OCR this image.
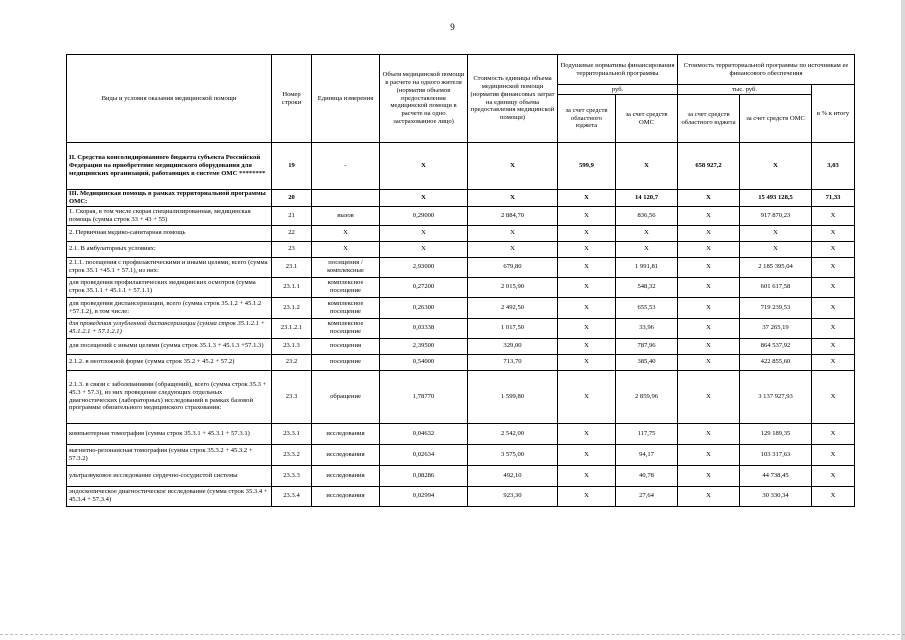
9
Виды и условия оказания медицинской помощи	Номер строки	Единица измерения	Объем медицинской помощи в расчете на одного жителя (норматив объемов предоставления медицинской помощи в расчете на одно застрахованное лицо)	Стоимость единицы объема медицинской помощи (норматив финансовых затрат на единицу объема предоставления медицинской помощи)	Подушевые нормативы финансирования территориальной программы		Стоимость территориальной программы по источникам ее финансового обеспечения		
					руб.		тыс. руб.		в % к итогу
					за счет средств областного юджета	за счет средств ОМС	за счет средств областного юджета	за счет средств ОМС	
II. Средства консолидированного бюджета субъекта Российской Федерации на приобретение медицинского оборудования для медицинских организаций, работающих в системе ОМС ********	19	-	X	X	599,9	X	658 927,2	X	3,03
III. Медицинская помощь в рамках территориальной программы ОМС:	20		X	X	X	14 120,7	X	15 493 128,5	71,33
1. Скорая, в том числе скорая специализированная, медицинская помощь (сумма строк 33 + 43 + 55)	21	вызов	0,29000	2 884,70	X	836,56	X	917 870,23	X
2. Первичная медико-санитарная помощь	22	X	X	X	X	X	X	X	X
2.1. В амбулаторных условиях:	23	X	X	X	X	X	X	X	X
2.1.1. посещения с профилактическими и иными целями, всего (сумма строк 35.1 +45.1 + 57.1), из них:	23.1	посещения / комплексные	2,93000	679,80	X	1 991,81	X	2 185 395,04	X
для проведения профилактических медицинских осмотров (сумма строк 35.1.1 + 45.1.1 + 57.1.1)	23.1.1	комплексное посещение	0,27200	2 015,90	X	548,32	X	601 617,58	X
для проведения диспансеризации, всего (сумма строк 35.1.2 + 45.1.2 +57.1.2), в том числе:	23.1.2	комплексное посещение	0,26300	2 492,50	X	655,53	X	719 239,53	X
для проведения углубленной диспансеризации (сумма строк 35.1.2.1 + 45.1.2.1 + 57.1.2.1)	23.1.2.1	комплексное посещение	0,03338	1 017,50	X	33,96	X	37 265,19	X
для посещений с иными целями (сумма строк 35.1.3 + 45.1.3 +57.1.3)	23.1.3	посещения	2,39500	329,00	X	787,96	X	864 537,92	X
2.1.2. в неотложной форме (сумма строк 35.2 + 45.2 + 57.2)	23.2	посещение	0,54000	713,70	X	385,40	X	422 855,60	X
2.1.3. в связи с заболеваниями (обращений), всего (сумма строк 35.3 + 45.3 + 57.3), из них проведение следующих отдельных диагностических (лабораторных) исследований в рамках базовой программы обязательного медицинского страхования:	23.3	обращение	1,78770	1 599,80	X	2 859,96	X	3 137 927,93	X
компьютерная томография (сумма строк 35.3.1 + 45.3.1 + 57.3.1)	23.3.1	исследования	0,04632	2 542,00	X	117,75	X	129 189,35	X
магнитно-резонансная томография (сумма строк 35.3.2 + 45.3.2 + 57.3.2)	23.3.2	исследования	0,02634	3 575,00	X	94,17	X	103 317,63	X
ультразвуковое исследование сердечно-сосудистой системы	23.3.3	исследования	0,08286	492,10	X	40,78	X	44 738,45	X
эндоскопическое диагностическое исследование (сумма строк 35.3.4 + 45.3.4 + 57.3.4)	23.3.4	исследования	0,02994	923,30	X	27,64	X	30 330,34	X
